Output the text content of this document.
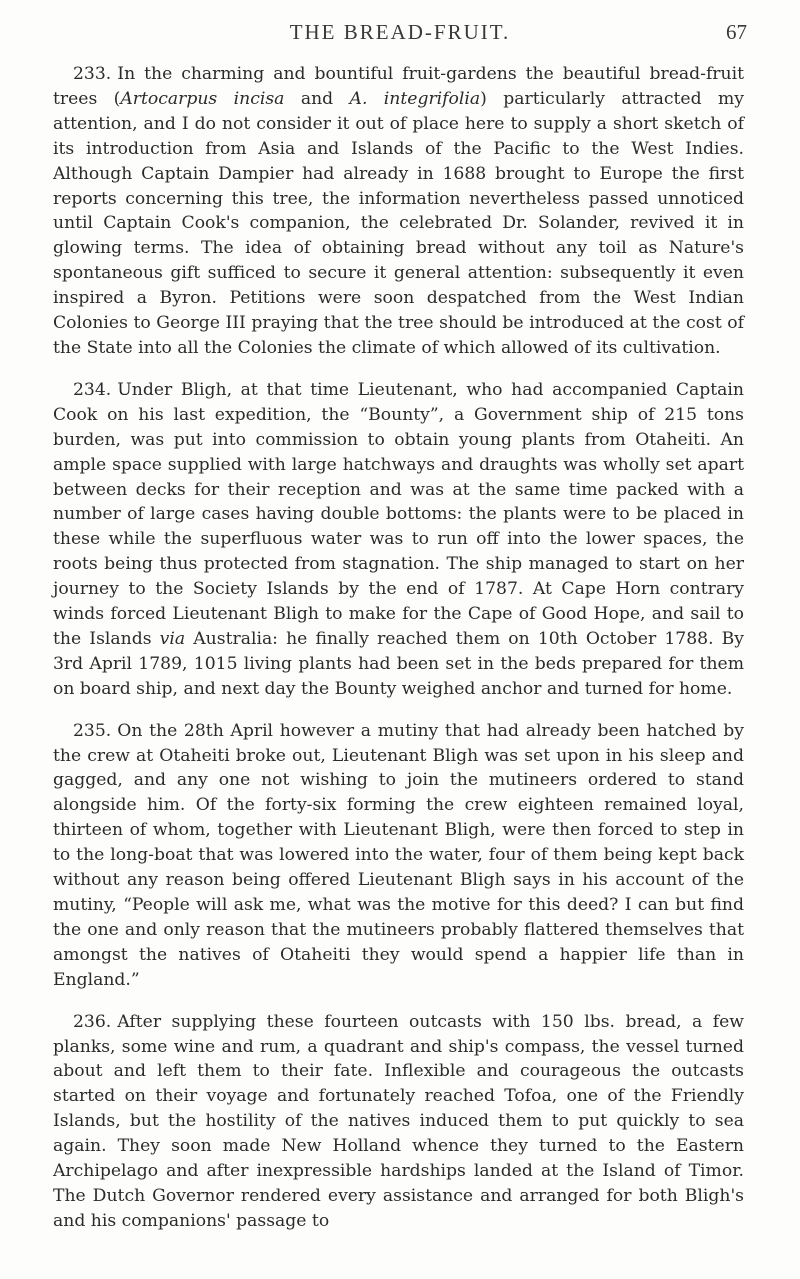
THE BREAD-FRUIT.	67

233. In the charming and bountiful fruit-gardens the beautiful bread-fruit trees (Artocarpus incisa and A. integrifolia) particularly attracted my attention, and I do not consider it out of place here to supply a short sketch of its introduction from Asia and Islands of the Pacific to the West Indies. Although Captain Dampier had already in 1688 brought to Europe the first reports concerning this tree, the information nevertheless passed unnoticed until Captain Cook's companion, the celebrated Dr. Solander, revived it in glowing terms. The idea of obtaining bread without any toil as Nature's spontaneous gift sufficed to secure it general attention: subsequently it even inspired a Byron. Petitions were soon despatched from the West Indian Colonies to George III praying that the tree should be introduced at the cost of the State into all the Colonies the climate of which allowed of its cultivation.

234. Under Bligh, at that time Lieutenant, who had accompanied Captain Cook on his last expedition, the “Bounty”, a Government ship of 215 tons burden, was put into commission to obtain young plants from Otaheiti. An ample space supplied with large hatchways and draughts was wholly set apart between decks for their reception and was at the same time packed with a number of large cases having double bottoms: the plants were to be placed in these while the superfluous water was to run off into the lower spaces, the roots being thus protected from stagnation. The ship managed to start on her journey to the Society Islands by the end of 1787. At Cape Horn contrary winds forced Lieutenant Bligh to make for the Cape of Good Hope, and sail to the Islands via Australia: he finally reached them on 10th October 1788. By 3rd April 1789, 1015 living plants had been set in the beds prepared for them on board ship, and next day the Bounty weighed anchor and turned for home.

235. On the 28th April however a mutiny that had already been hatched by the crew at Otaheiti broke out, Lieutenant Bligh was set upon in his sleep and gagged, and any one not wishing to join the mutineers ordered to stand alongside him. Of the forty-six forming the crew eighteen remained loyal, thirteen of whom, together with Lieutenant Bligh, were then forced to step in to the long-boat that was lowered into the water, four of them being kept back without any reason being offered Lieutenant Bligh says in his account of the mutiny, “People will ask me, what was the motive for this deed? I can but find the one and only reason that the mutineers probably flattered themselves that amongst the natives of Otaheiti they would spend a happier life than in England.”

236. After supplying these fourteen outcasts with 150 lbs. bread, a few planks, some wine and rum, a quadrant and ship's compass, the vessel turned about and left them to their fate. Inflexible and courageous the outcasts started on their voyage and fortunately reached Tofoa, one of the Friendly Islands, but the hostility of the natives induced them to put quickly to sea again. They soon made New Holland whence they turned to the Eastern Archipelago and after inexpressible hardships landed at the Island of Timor. The Dutch Governor rendered every assistance and arranged for both Bligh's and his companions' passage to
